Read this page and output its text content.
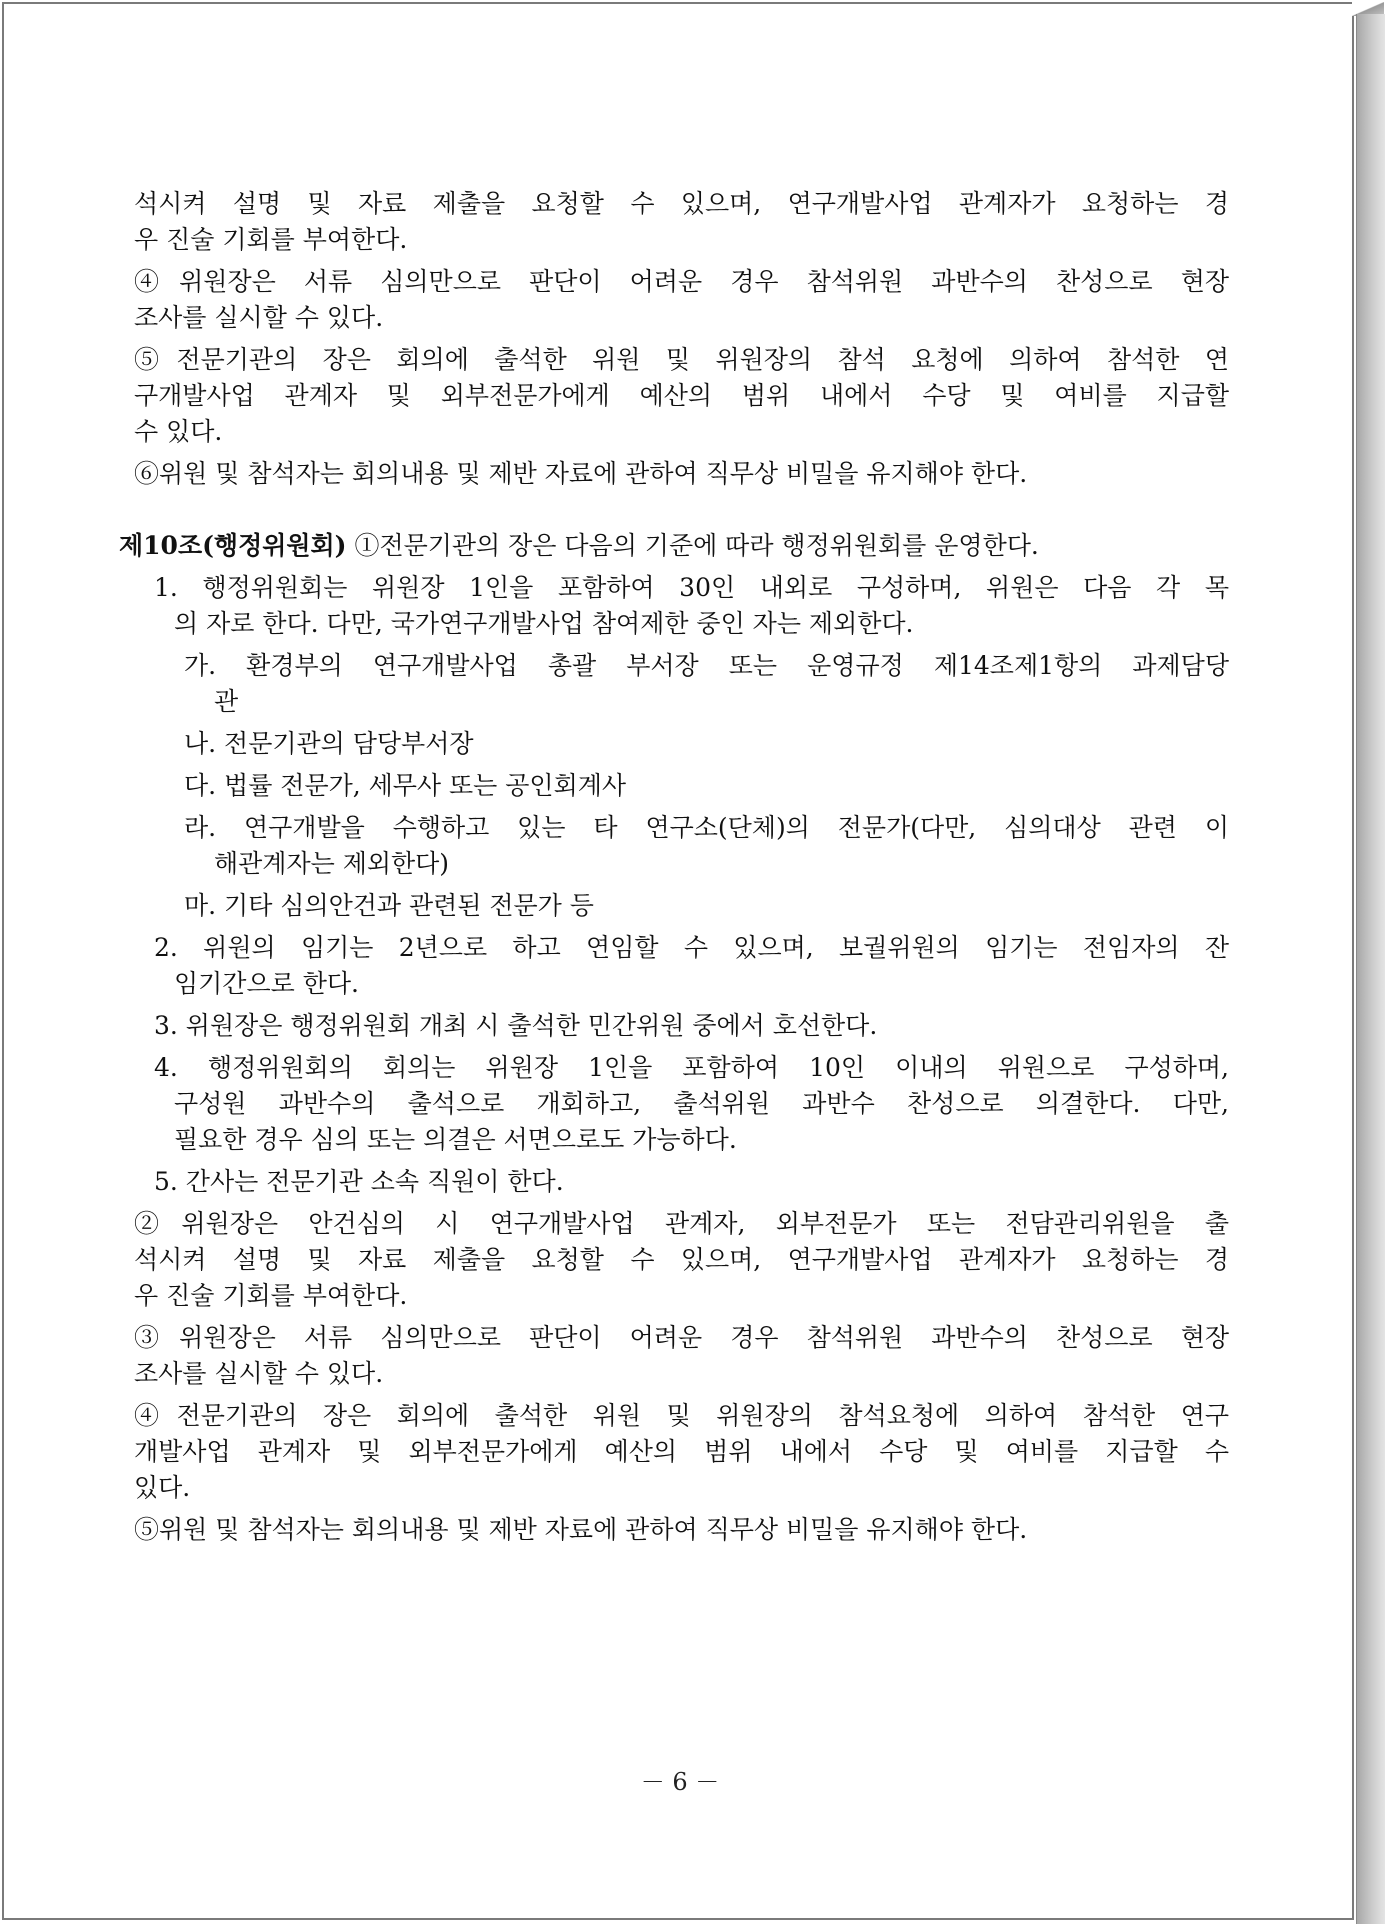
석시켜 설명 및 자료 제출을 요청할 수 있으며, 연구개발사업 관계자가 요청하는 경
우 진술 기회를 부여한다.
④위원장은 서류 심의만으로 판단이 어려운 경우 참석위원 과반수의 찬성으로 현장
조사를 실시할 수 있다.
⑤전문기관의 장은 회의에 출석한 위원 및 위원장의 참석 요청에 의하여 참석한 연
구개발사업 관계자 및 외부전문가에게 예산의 범위 내에서 수당 및 여비를 지급할
수 있다.
⑥위원 및 참석자는 회의내용 및 제반 자료에 관하여 직무상 비밀을 유지해야 한다.
제10조(행정위원회) ①전문기관의 장은 다음의 기준에 따라 행정위원회를 운영한다.
1. 행정위원회는 위원장 1인을 포함하여 30인 내외로 구성하며, 위원은 다음 각 목
의 자로 한다. 다만, 국가연구개발사업 참여제한 중인 자는 제외한다.
가. 환경부의 연구개발사업 총괄 부서장 또는 운영규정 제14조제1항의 과제담당
관
나. 전문기관의 담당부서장
다. 법률 전문가, 세무사 또는 공인회계사
라. 연구개발을 수행하고 있는 타 연구소(단체)의 전문가(다만, 심의대상 관련 이
해관계자는 제외한다)
마. 기타 심의안건과 관련된 전문가 등
2. 위원의 임기는 2년으로 하고 연임할 수 있으며, 보궐위원의 임기는 전임자의 잔
임기간으로 한다.
3. 위원장은 행정위원회 개최 시 출석한 민간위원 중에서 호선한다.
4. 행정위원회의 회의는 위원장 1인을 포함하여 10인 이내의 위원으로 구성하며,
구성원 과반수의 출석으로 개회하고, 출석위원 과반수 찬성으로 의결한다. 다만,
필요한 경우 심의 또는 의결은 서면으로도 가능하다.
5. 간사는 전문기관 소속 직원이 한다.
②위원장은 안건심의 시 연구개발사업 관계자, 외부전문가 또는 전담관리위원을 출
석시켜 설명 및 자료 제출을 요청할 수 있으며, 연구개발사업 관계자가 요청하는 경
우 진술 기회를 부여한다.
③위원장은 서류 심의만으로 판단이 어려운 경우 참석위원 과반수의 찬성으로 현장
조사를 실시할 수 있다.
④전문기관의 장은 회의에 출석한 위원 및 위원장의 참석요청에 의하여 참석한 연구
개발사업 관계자 및 외부전문가에게 예산의 범위 내에서 수당 및 여비를 지급할 수
있다.
⑤위원 및 참석자는 회의내용 및 제반 자료에 관하여 직무상 비밀을 유지해야 한다.
－ 6 －
